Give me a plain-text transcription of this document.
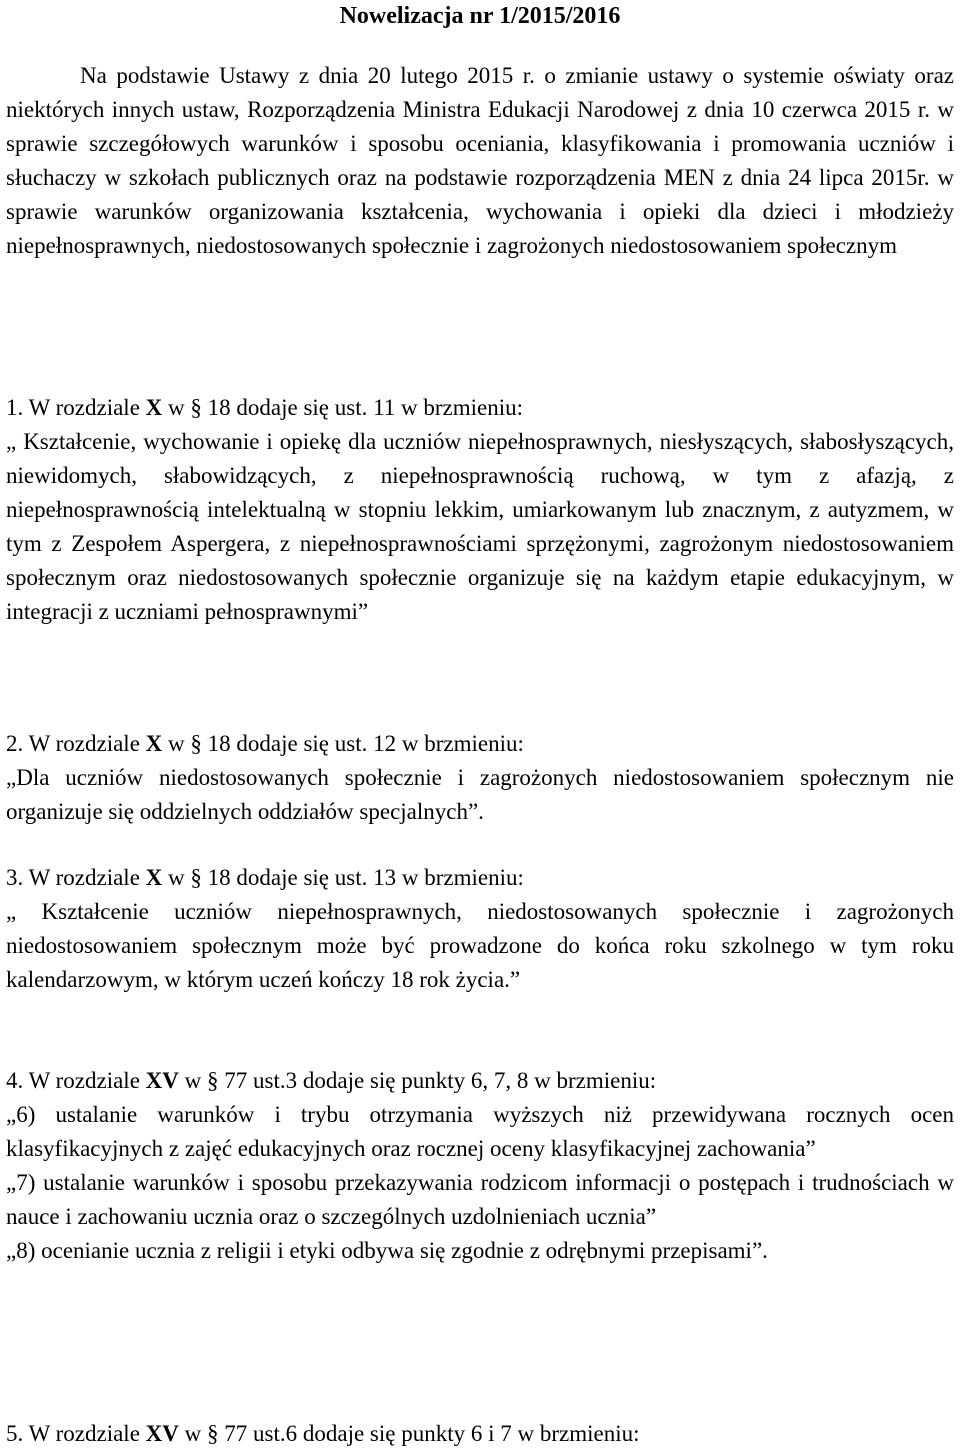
Nowelizacja nr 1/2015/2016

Na podstawie Ustawy z dnia 20 lutego 2015 r. o zmianie ustawy o systemie oświaty oraz niektórych innych ustaw, Rozporządzenia Ministra Edukacji Narodowej z dnia 10 czerwca 2015 r. w sprawie szczegółowych warunków i sposobu oceniania, klasyfikowania i promowania uczniów i słuchaczy w szkołach publicznych oraz na podstawie rozporządzenia MEN z dnia 24 lipca 2015r. w sprawie warunków organizowania kształcenia, wychowania i opieki dla dzieci i młodzieży niepełnosprawnych, niedostosowanych społecznie i zagrożonych niedostosowaniem społecznym

1. W rozdziale X w § 18 dodaje się ust. 11 w brzmieniu:

„ Kształcenie, wychowanie i opiekę dla uczniów niepełnosprawnych, niesłyszących, słabosłyszących, niewidomych, słabowidzących, z niepełnosprawnością ruchową, w tym z afazją, z niepełnosprawnością intelektualną w stopniu lekkim, umiarkowanym lub znacznym, z autyzmem, w tym z Zespołem Aspergera, z niepełnosprawnościami sprzężonymi, zagrożonym niedostosowaniem społecznym oraz niedostosowanych społecznie organizuje się na każdym etapie edukacyjnym, w integracji z uczniami pełnosprawnymi”

2. W rozdziale X w § 18 dodaje się ust. 12 w brzmieniu:

„Dla uczniów niedostosowanych społecznie i zagrożonych niedostosowaniem społecznym nie organizuje się oddzielnych oddziałów specjalnych”.

3. W rozdziale X w § 18 dodaje się ust. 13 w brzmieniu:

„ Kształcenie uczniów niepełnosprawnych, niedostosowanych społecznie i zagrożonych niedostosowaniem społecznym może być prowadzone do końca roku szkolnego w tym roku kalendarzowym, w którym uczeń kończy 18 rok życia.”

4. W rozdziale XV w § 77 ust.3 dodaje się punkty 6, 7, 8 w brzmieniu:

„6) ustalanie warunków i trybu otrzymania wyższych niż przewidywana rocznych ocen klasyfikacyjnych z zajęć edukacyjnych oraz rocznej oceny klasyfikacyjnej zachowania”

„7) ustalanie warunków i sposobu przekazywania rodzicom informacji o postępach i trudnościach w nauce i zachowaniu ucznia oraz o szczególnych uzdolnieniach ucznia”

„8) ocenianie ucznia z religii i etyki odbywa się zgodnie z odrębnymi przepisami”.

5. W rozdziale XV w § 77 ust.6 dodaje się punkty 6 i 7 w brzmieniu:
